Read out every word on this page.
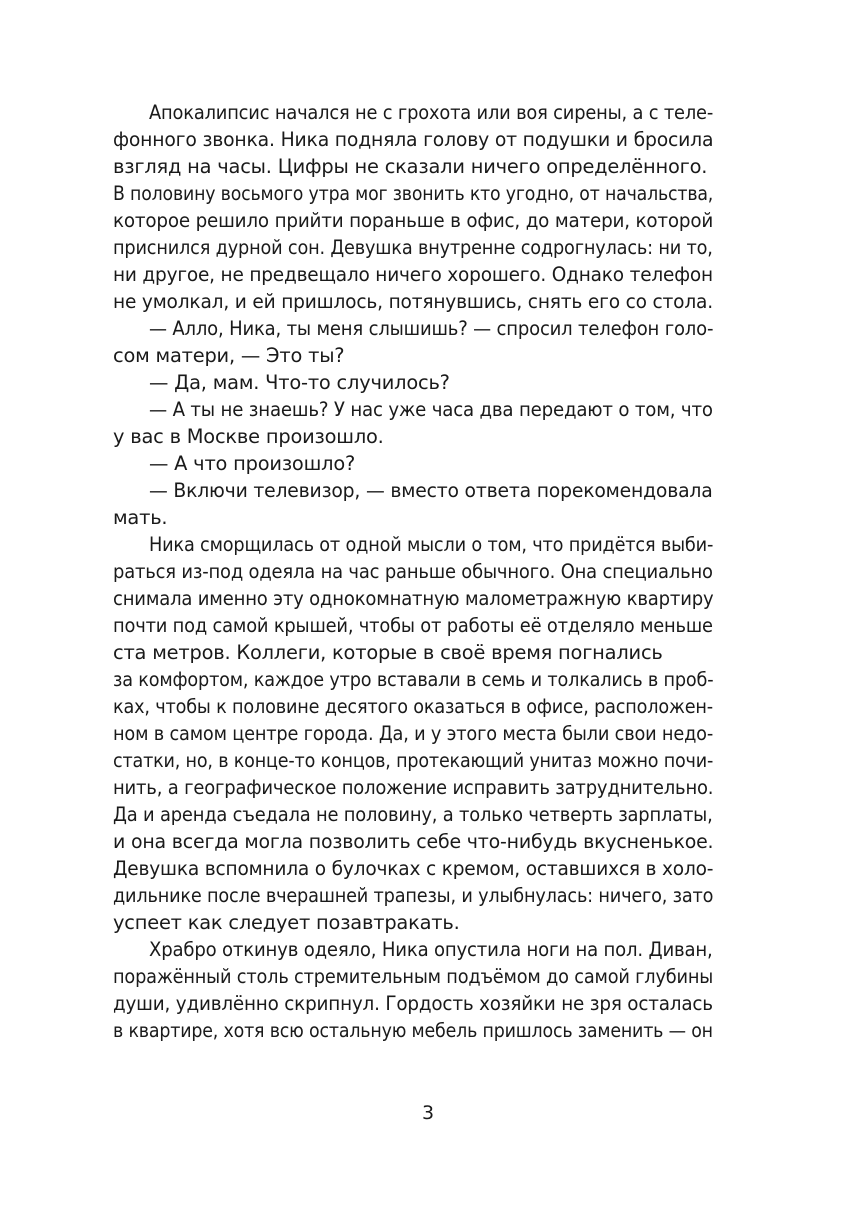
Апокалипсис начался не с грохота или воя сирены, а с теле-
фонного звонка. Ника подняла голову от подушки и бросила
взгляд на часы. Цифры не сказали ничего определённого.
В половину восьмого утра мог звонить кто угодно, от начальства,
которое решило прийти пораньше в офис, до матери, которой
приснился дурной сон. Девушка внутренне содрогнулась: ни то,
ни другое, не предвещало ничего хорошего. Однако телефон
не умолкал, и ей пришлось, потянувшись, снять его со стола.
— Алло, Ника, ты меня слышишь? — спросил телефон голо-
сом матери, — Это ты?
— Да, мам. Что-то случилось?
— А ты не знаешь? У нас уже часа два передают о том, что
у вас в Москве произошло.
— А что произошло?
— Включи телевизор, — вместо ответа порекомендовала
мать.
Ника сморщилась от одной мысли о том, что придётся выби-
раться из-под одеяла на час раньше обычного. Она специально
снимала именно эту однокомнатную малометражную квартиру
почти под самой крышей, чтобы от работы её отделяло меньше
ста метров. Коллеги, которые в своё время погнались
за комфортом, каждое утро вставали в семь и толкались в проб-
ках, чтобы к половине десятого оказаться в офисе, расположен-
ном в самом центре города. Да, и у этого места были свои недо-
статки, но, в конце-то концов, протекающий унитаз можно почи-
нить, а географическое положение исправить затруднительно.
Да и аренда съедала не половину, а только четверть зарплаты,
и она всегда могла позволить себе что-нибудь вкусненькое.
Девушка вспомнила о булочках с кремом, оставшихся в холо-
дильнике после вчерашней трапезы, и улыбнулась: ничего, зато
успеет как следует позавтракать.
Храбро откинув одеяло, Ника опустила ноги на пол. Диван,
поражённый столь стремительным подъёмом до самой глубины
души, удивлённо скрипнул. Гордость хозяйки не зря осталась
в квартире, хотя всю остальную мебель пришлось заменить — он
3
